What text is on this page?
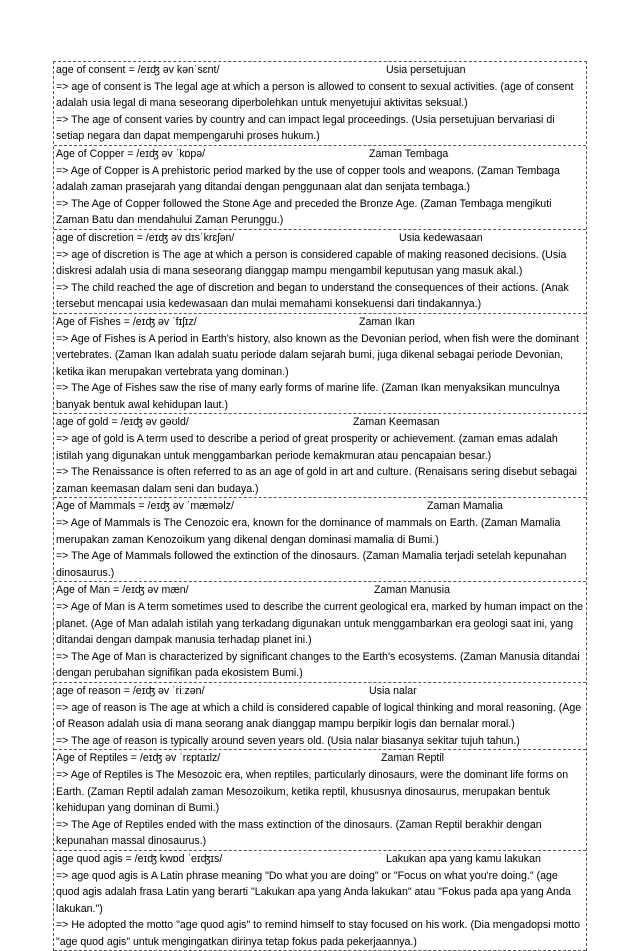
age of consent = /eɪʤ əv kənˈsɛnt/	Usia persetujuan
=> age of consent is The legal age at which a person is allowed to consent to sexual activities. (age of consent adalah usia legal di mana seseorang diperbolehkan untuk menyetujui aktivitas seksual.)
=> The age of consent varies by country and can impact legal proceedings. (Usia persetujuan bervariasi di setiap negara dan dapat mempengaruhi proses hukum.)
Age of Copper = /eɪʤ əv ˈkɒpə/	Zaman Tembaga
=> Age of Copper is A prehistoric period marked by the use of copper tools and weapons. (Zaman Tembaga adalah zaman prasejarah yang ditandai dengan penggunaan alat dan senjata tembaga.)
=> The Age of Copper followed the Stone Age and preceded the Bronze Age. (Zaman Tembaga mengikuti Zaman Batu dan mendahului Zaman Perunggu.)
age of discretion = /eɪʤ əv dɪsˈkrɛʃən/	Usia kedewasaan
=> age of discretion is The age at which a person is considered capable of making reasoned decisions. (Usia diskresi adalah usia di mana seseorang dianggap mampu mengambil keputusan yang masuk akal.)
=> The child reached the age of discretion and began to understand the consequences of their actions. (Anak tersebut mencapai usia kedewasaan dan mulai memahami konsekuensi dari tindakannya.)
Age of Fishes = /eɪʤ əv ˈfɪʃɪz/	Zaman Ikan
=> Age of Fishes is A period in Earth's history, also known as the Devonian period, when fish were the dominant vertebrates. (Zaman Ikan adalah suatu periode dalam sejarah bumi, juga dikenal sebagai periode Devonian, ketika ikan merupakan vertebrata yang dominan.)
=> The Age of Fishes saw the rise of many early forms of marine life. (Zaman Ikan menyaksikan munculnya banyak bentuk awal kehidupan laut.)
age of gold = /eɪʤ əv gəʊld/	Zaman Keemasan
=> age of gold is A term used to describe a period of great prosperity or achievement. (zaman emas adalah istilah yang digunakan untuk menggambarkan periode kemakmuran atau pencapaian besar.)
=> The Renaissance is often referred to as an age of gold in art and culture. (Renaisans sering disebut sebagai zaman keemasan dalam seni dan budaya.)
Age of Mammals = /eɪʤ əv ˈmæməlz/	Zaman Mamalia
=> Age of Mammals is The Cenozoic era, known for the dominance of mammals on Earth. (Zaman Mamalia merupakan zaman Kenozoikum yang dikenal dengan dominasi mamalia di Bumi.)
=> The Age of Mammals followed the extinction of the dinosaurs. (Zaman Mamalia terjadi setelah kepunahan dinosaurus.)
Age of Man = /eɪʤ əv mæn/	Zaman Manusia
=> Age of Man is A term sometimes used to describe the current geological era, marked by human impact on the planet. (Age of Man adalah istilah yang terkadang digunakan untuk menggambarkan era geologi saat ini, yang ditandai dengan dampak manusia terhadap planet ini.)
=> The Age of Man is characterized by significant changes to the Earth's ecosystems. (Zaman Manusia ditandai dengan perubahan signifikan pada ekosistem Bumi.)
age of reason = /eɪʤ əv ˈriːzən/	Usia nalar
=> age of reason is The age at which a child is considered capable of logical thinking and moral reasoning. (Age of Reason adalah usia di mana seorang anak dianggap mampu berpikir logis dan bernalar moral.)
=> The age of reason is typically around seven years old. (Usia nalar biasanya sekitar tujuh tahun.)
Age of Reptiles = /eɪʤ əv ˈrɛptaɪlz/	Zaman Reptil
=> Age of Reptiles is The Mesozoic era, when reptiles, particularly dinosaurs, were the dominant life forms on Earth. (Zaman Reptil adalah zaman Mesozoikum, ketika reptil, khususnya dinosaurus, merupakan bentuk kehidupan yang dominan di Bumi.)
=> The Age of Reptiles ended with the mass extinction of the dinosaurs. (Zaman Reptil berakhir dengan kepunahan massal dinosaurus.)
age quod agis = /eɪʤ kwɒd ˈeɪʤɪs/	Lakukan apa yang kamu lakukan
=> age quod agis is A Latin phrase meaning "Do what you are doing" or "Focus on what you're doing." (age quod agis adalah frasa Latin yang berarti "Lakukan apa yang Anda lakukan" atau "Fokus pada apa yang Anda lakukan.")
=> He adopted the motto "age quod agis" to remind himself to stay focused on his work. (Dia mengadopsi motto "age quod agis" untuk mengingatkan dirinya tetap fokus pada pekerjaannya.)
